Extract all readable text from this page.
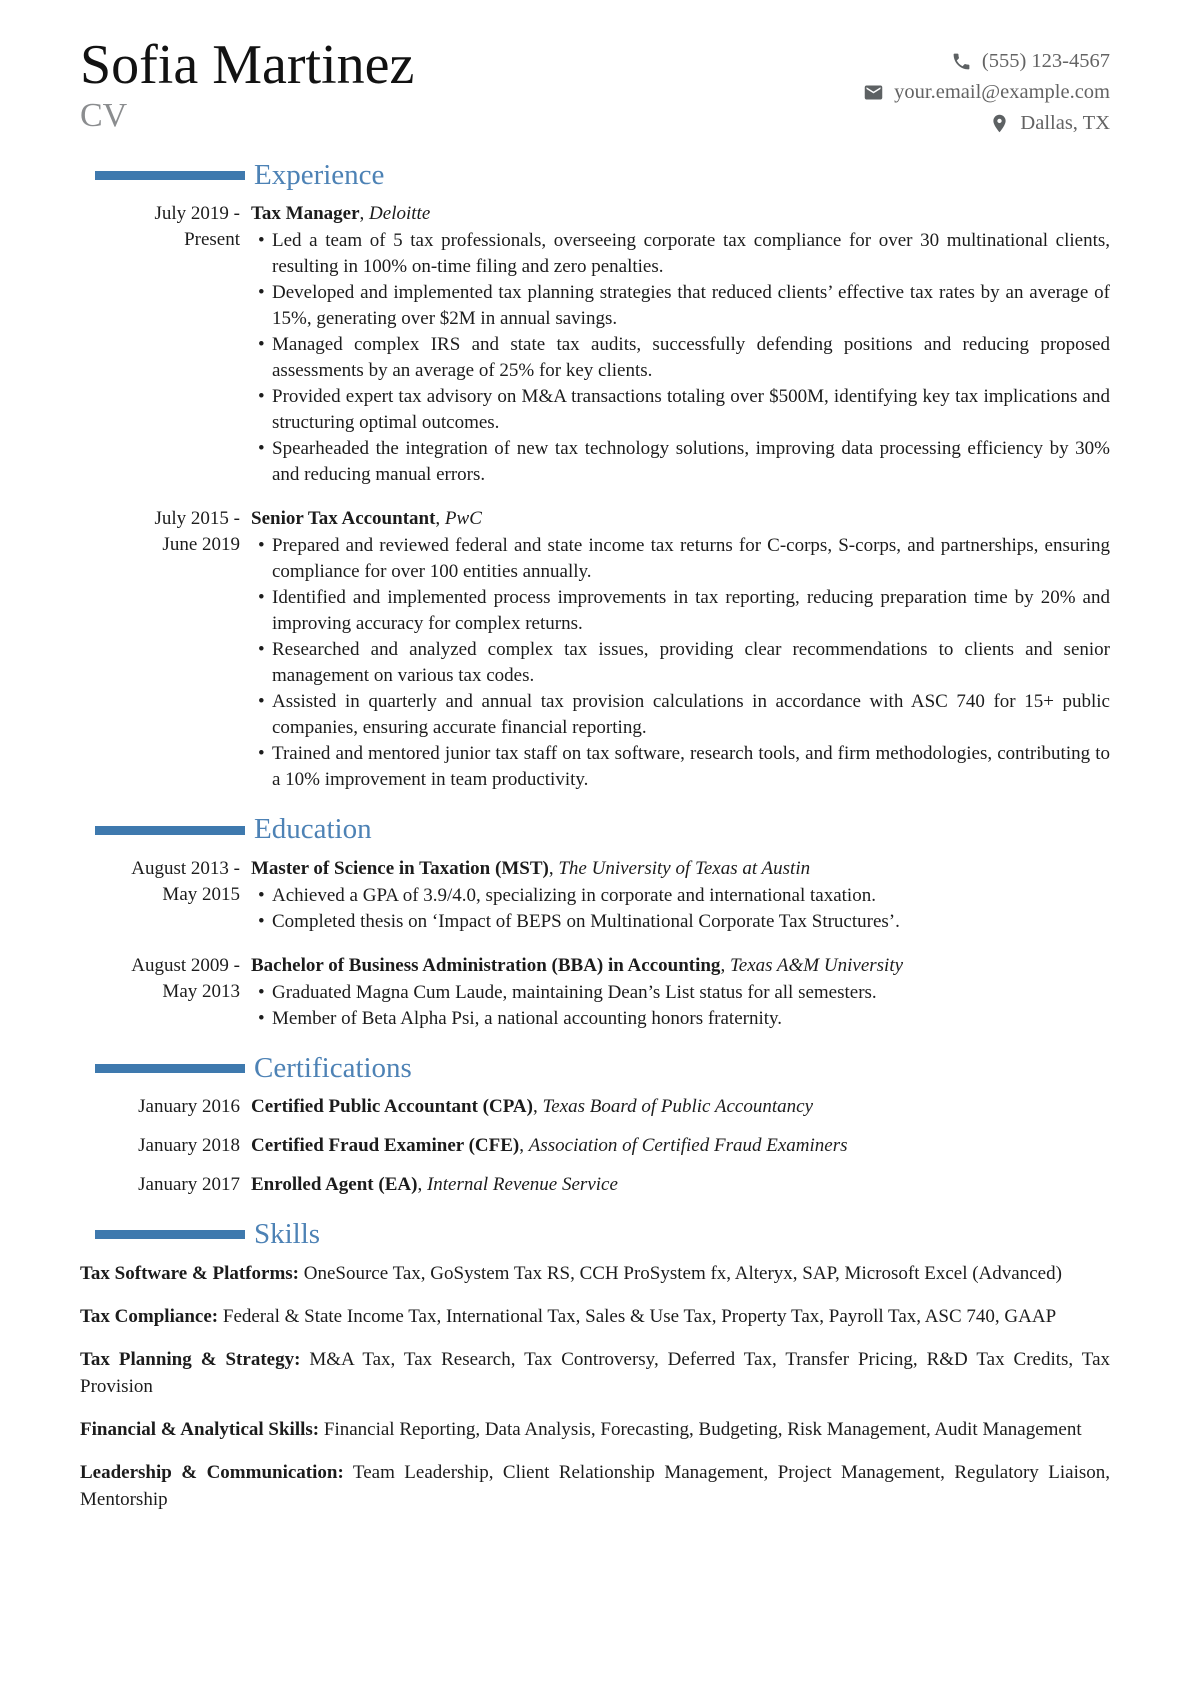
Sofia Martinez
CV
(555) 123-4567
your.email@example.com
Dallas, TX
Experience
July 2019 -
Present
Tax Manager, Deloitte
• Led a team of 5 tax professionals, overseeing corporate tax compliance for over 30 multinational clients, resulting in 100% on-time filing and zero penalties.
• Developed and implemented tax planning strategies that reduced clients’ effective tax rates by an average of 15%, generating over $2M in annual savings.
• Managed complex IRS and state tax audits, successfully defending positions and reducing proposed assessments by an average of 25% for key clients.
• Provided expert tax advisory on M&A transactions totaling over $500M, identifying key tax implications and structuring optimal outcomes.
• Spearheaded the integration of new tax technology solutions, improving data processing efficiency by 30% and reducing manual errors.
July 2015 -
June 2019
Senior Tax Accountant, PwC
• Prepared and reviewed federal and state income tax returns for C-corps, S-corps, and partnerships, ensuring compliance for over 100 entities annually.
• Identified and implemented process improvements in tax reporting, reducing preparation time by 20% and improving accuracy for complex returns.
• Researched and analyzed complex tax issues, providing clear recommendations to clients and senior management on various tax codes.
• Assisted in quarterly and annual tax provision calculations in accordance with ASC 740 for 15+ public companies, ensuring accurate financial reporting.
• Trained and mentored junior tax staff on tax software, research tools, and firm methodologies, contributing to a 10% improvement in team productivity.
Education
August 2013 -
May 2015
Master of Science in Taxation (MST), The University of Texas at Austin
• Achieved a GPA of 3.9/4.0, specializing in corporate and international taxation.
• Completed thesis on ‘Impact of BEPS on Multinational Corporate Tax Structures’.
August 2009 -
May 2013
Bachelor of Business Administration (BBA) in Accounting, Texas A&M University
• Graduated Magna Cum Laude, maintaining Dean’s List status for all semesters.
• Member of Beta Alpha Psi, a national accounting honors fraternity.
Certifications
January 2016 Certified Public Accountant (CPA), Texas Board of Public Accountancy
January 2018 Certified Fraud Examiner (CFE), Association of Certified Fraud Examiners
January 2017 Enrolled Agent (EA), Internal Revenue Service
Skills

Tax Software & Platforms: OneSource Tax, GoSystem Tax RS, CCH ProSystem fx, Alteryx, SAP, Microsoft Excel (Advanced)

Tax Compliance: Federal & State Income Tax, International Tax, Sales & Use Tax, Property Tax, Payroll Tax, ASC 740, GAAP

Tax Planning & Strategy: M&A Tax, Tax Research, Tax Controversy, Deferred Tax, Transfer Pricing, R&D Tax Credits, Tax Provision

Financial & Analytical Skills: Financial Reporting, Data Analysis, Forecasting, Budgeting, Risk Management, Audit Management

Leadership & Communication: Team Leadership, Client Relationship Management, Project Management, Regulatory Liaison, Mentorship
